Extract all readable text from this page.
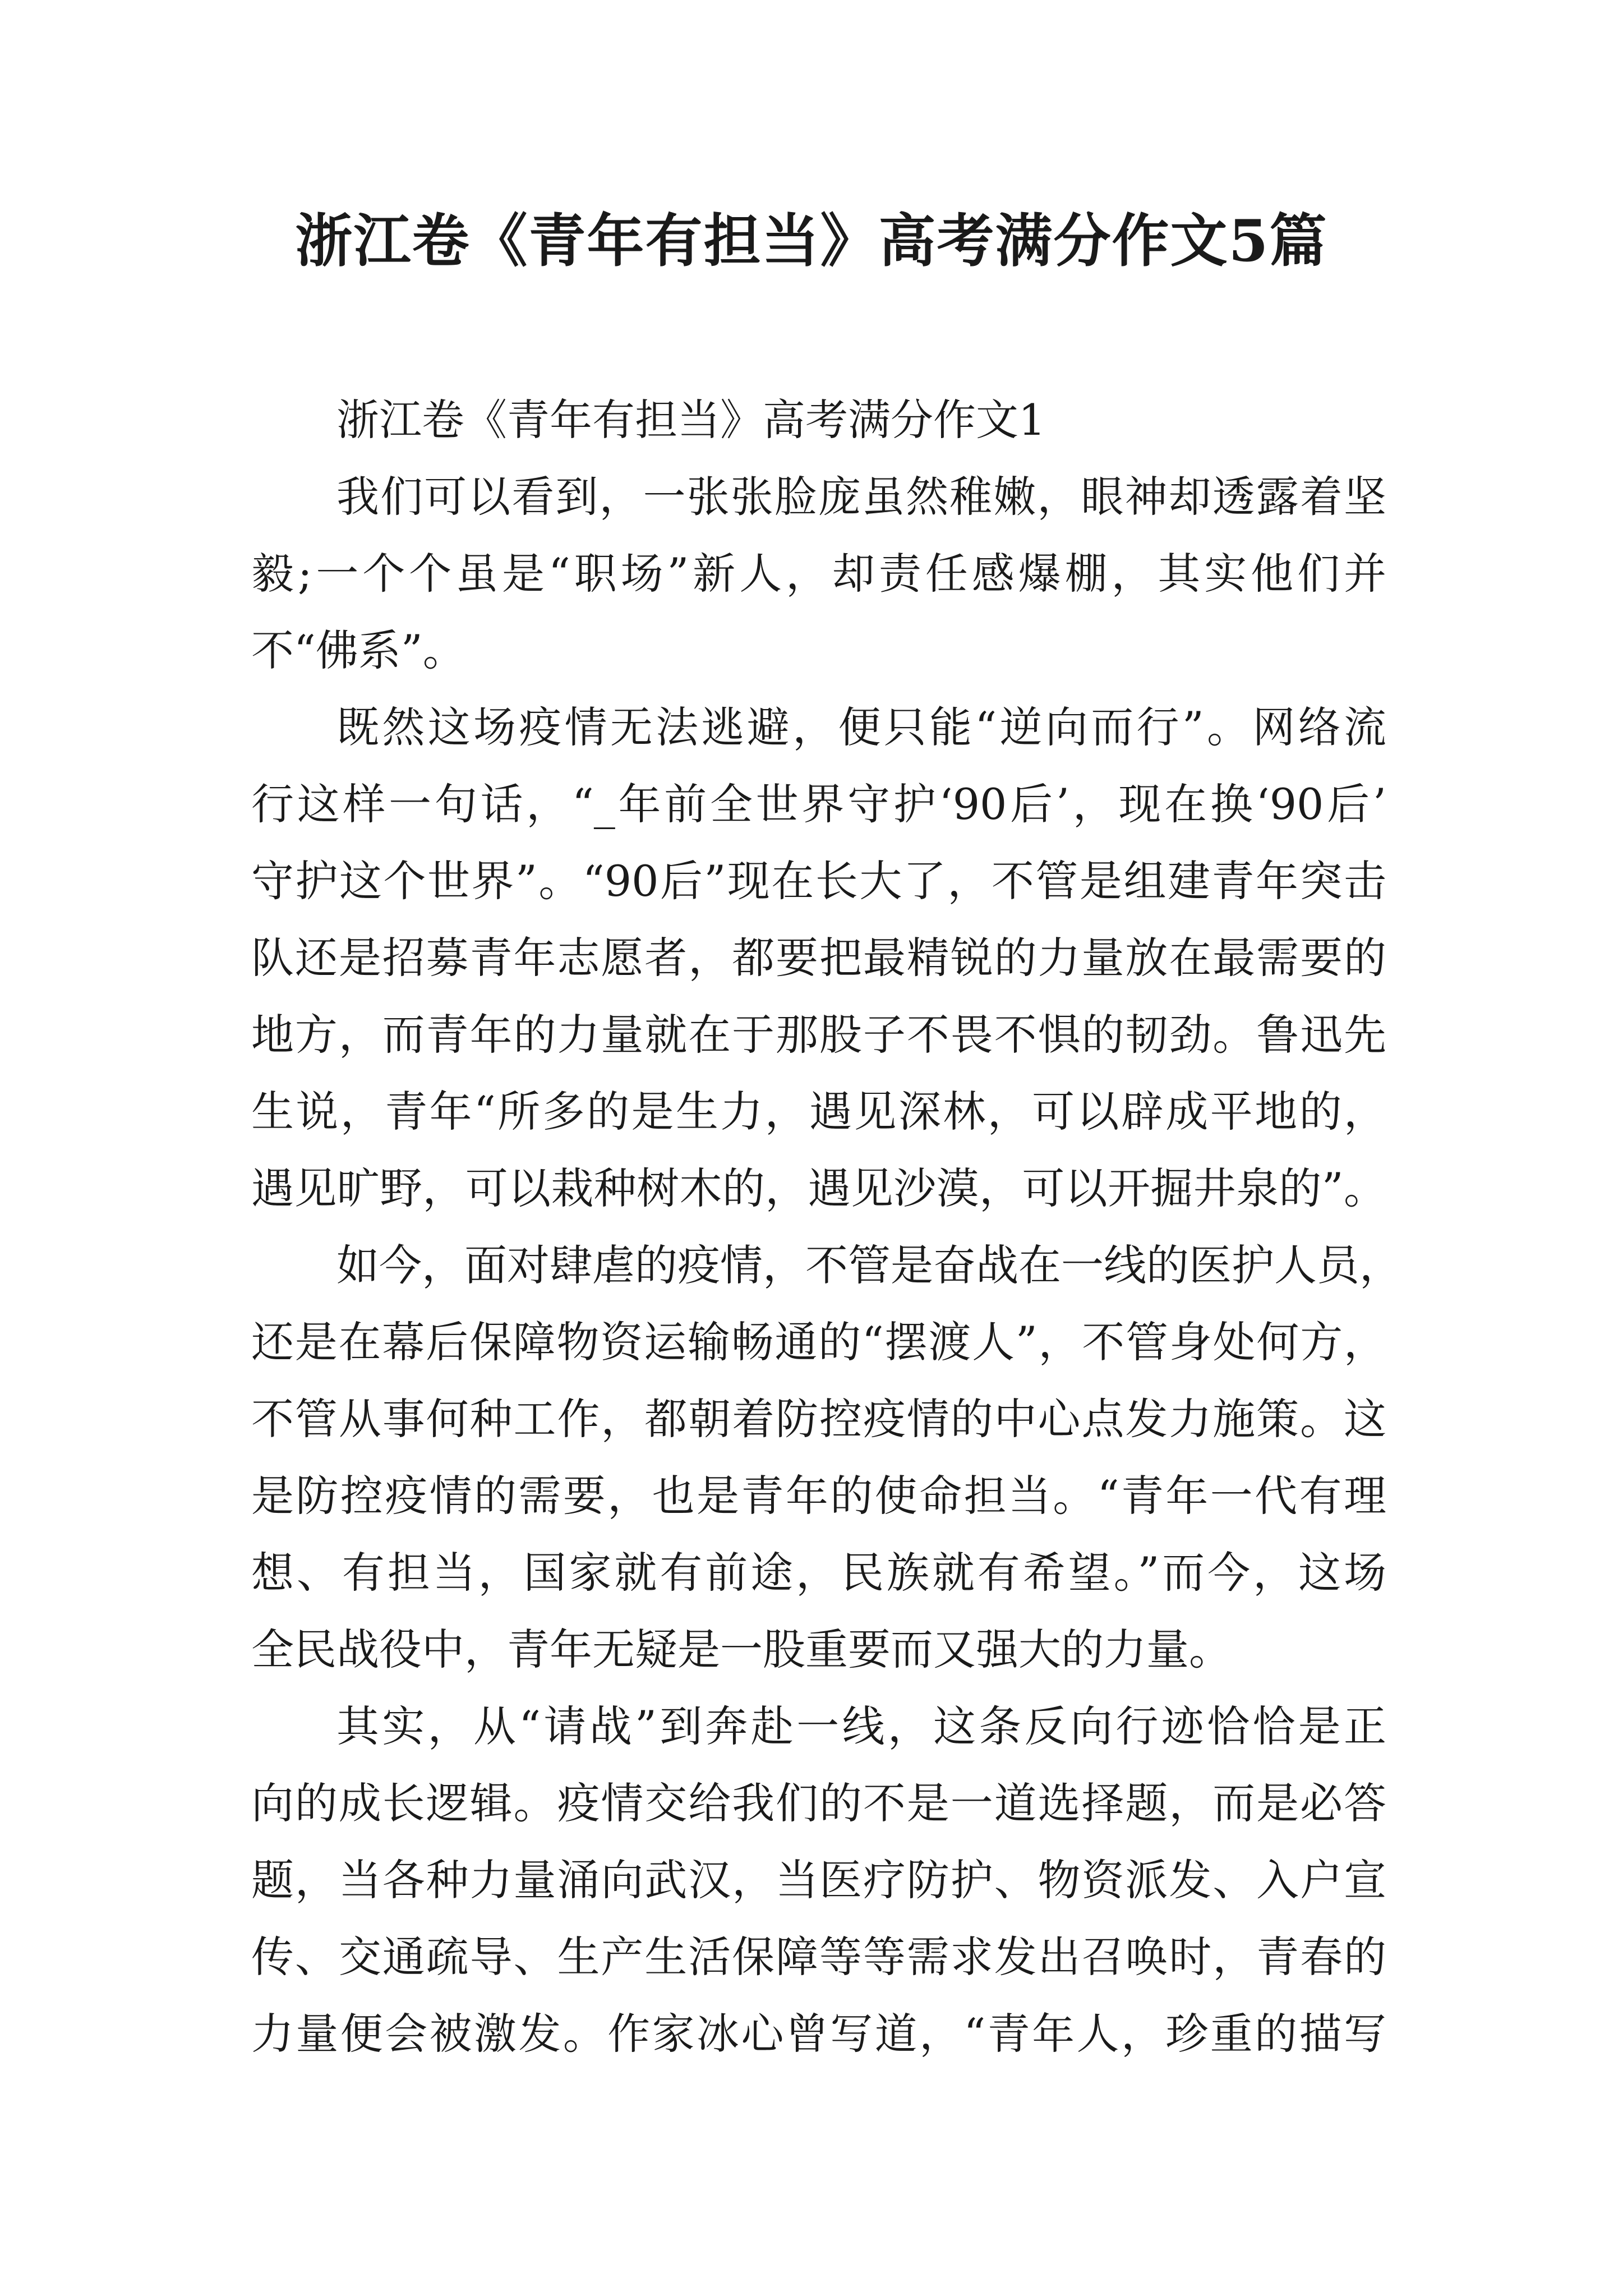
浙江卷《青年有担当》高考满分作文5篇
浙江卷《青年有担当》高考满分作文1
我们可以看到，一张张脸庞虽然稚嫩，眼神却透露着坚
毅;一个个虽是“职场”新人，却责任感爆棚，其实他们并
不“佛系”。
既然这场疫情无法逃避，便只能“逆向而行”。网络流
行这样一句话，“_年前全世界守护‘90后’，现在换‘90后’
守护这个世界”。“90后”现在长大了，不管是组建青年突击
队还是招募青年志愿者，都要把最精锐的力量放在最需要的
地方，而青年的力量就在于那股子不畏不惧的韧劲。鲁迅先
生说，青年“所多的是生力，遇见深林，可以辟成平地的，
遇见旷野，可以栽种树木的，遇见沙漠，可以开掘井泉的”。
如今，面对肆虐的疫情，不管是奋战在一线的医护人员，
还是在幕后保障物资运输畅通的“摆渡人”，不管身处何方，
不管从事何种工作，都朝着防控疫情的中心点发力施策。这
是防控疫情的需要，也是青年的使命担当。“青年一代有理
想、有担当，国家就有前途，民族就有希望。”而今，这场
全民战役中，青年无疑是一股重要而又强大的力量。
其实，从“请战”到奔赴一线，这条反向行迹恰恰是正
向的成长逻辑。疫情交给我们的不是一道选择题，而是必答
题，当各种力量涌向武汉，当医疗防护、物资派发、入户宣
传、交通疏导、生产生活保障等等需求发出召唤时，青春的
力量便会被激发。作家冰心曾写道，“青年人，珍重的描写
